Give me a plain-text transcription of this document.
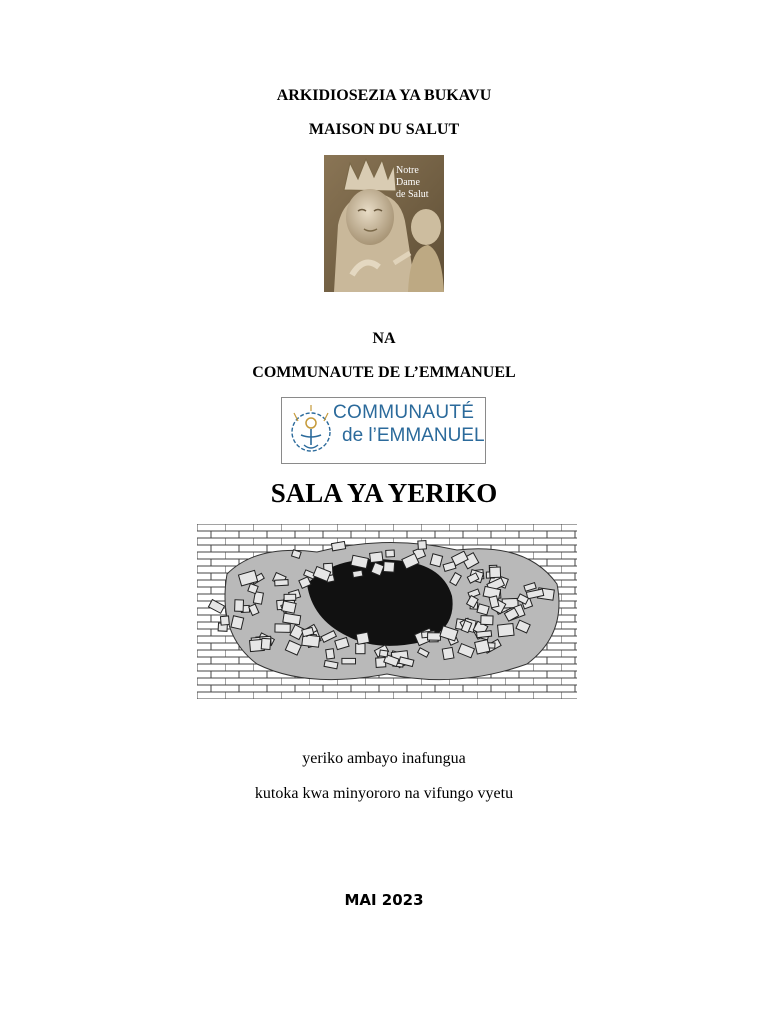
ARKIDIOSEZIA YA BUKAVU
MAISON DU SALUT
Notre
Dame
de Salut
NA
COMMUNAUTE DE L’EMMANUEL
COMMUNAUTÉ
de l’EMMANUEL
SALA YA YERIKO
yeriko ambayo inafungua
kutoka kwa minyororo na vifungo vyetu
MAI 2023
